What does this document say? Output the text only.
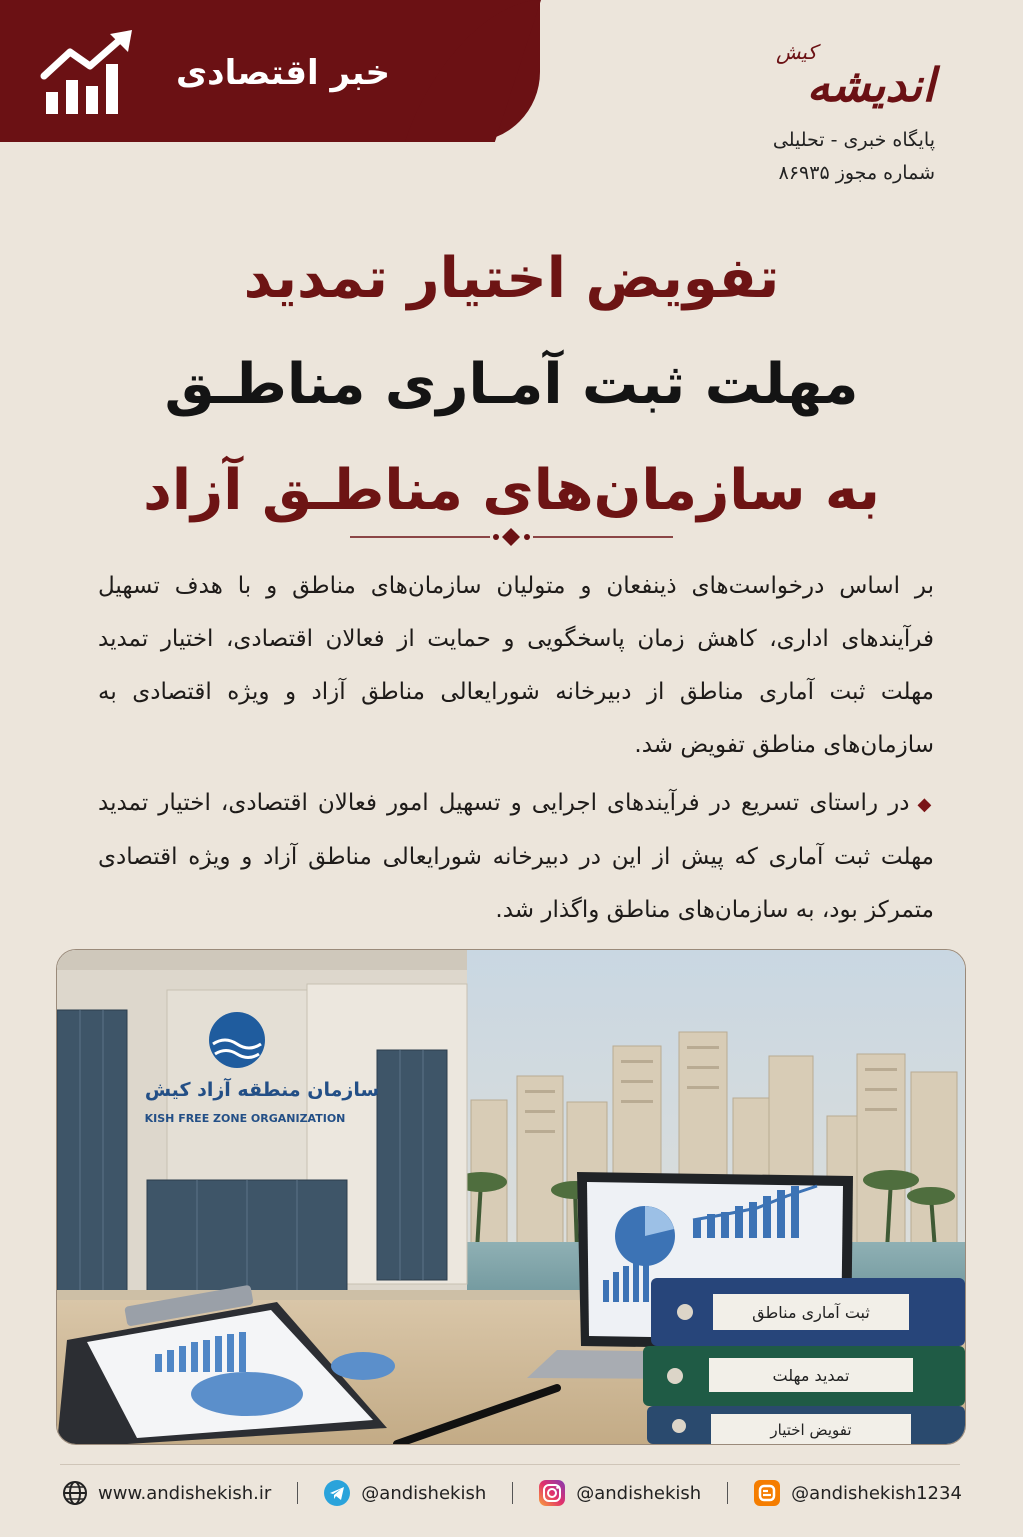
خبر اقتصادی
کیش
اندیشه
پایگاه خبری - تحلیلی
شماره مجوز ۸۶۹۳۵
تفویض اختیار تمدید
مهلت ثبت آمـاری مناطـق
به سازمان‌های مناطـق آزاد
بر اساس درخواست‌های ذینفعان و متولیان سازمان‌های مناطق و با هدف تسهیل فرآیندهای اداری، کاهش زمان پاسخگویی و حمایت از فعالان اقتصادی، اختیار تمدید مهلت ثبت آماری مناطق از دبیرخانه شورایعالی مناطق آزاد و ویژه اقتصادی به سازمان‌های مناطق تفویض شد.
◆در راستای تسریع در فرآیندهای اجرایی و تسهیل امور فعالان اقتصادی، اختیار تمدید مهلت ثبت آماری که پیش از این در دبیرخانه شورایعالی مناطق آزاد و ویژه اقتصادی متمرکز بود، به سازمان‌های مناطق واگذار شد.
سازمان منطقه آزاد کیش
KISH FREE ZONE ORGANIZATION
ثبت آماری مناطق
تمدید مهلت
تفویض اختیار
www.andishekish.ir	@andishekish	@andishekish	@andishekish1234
